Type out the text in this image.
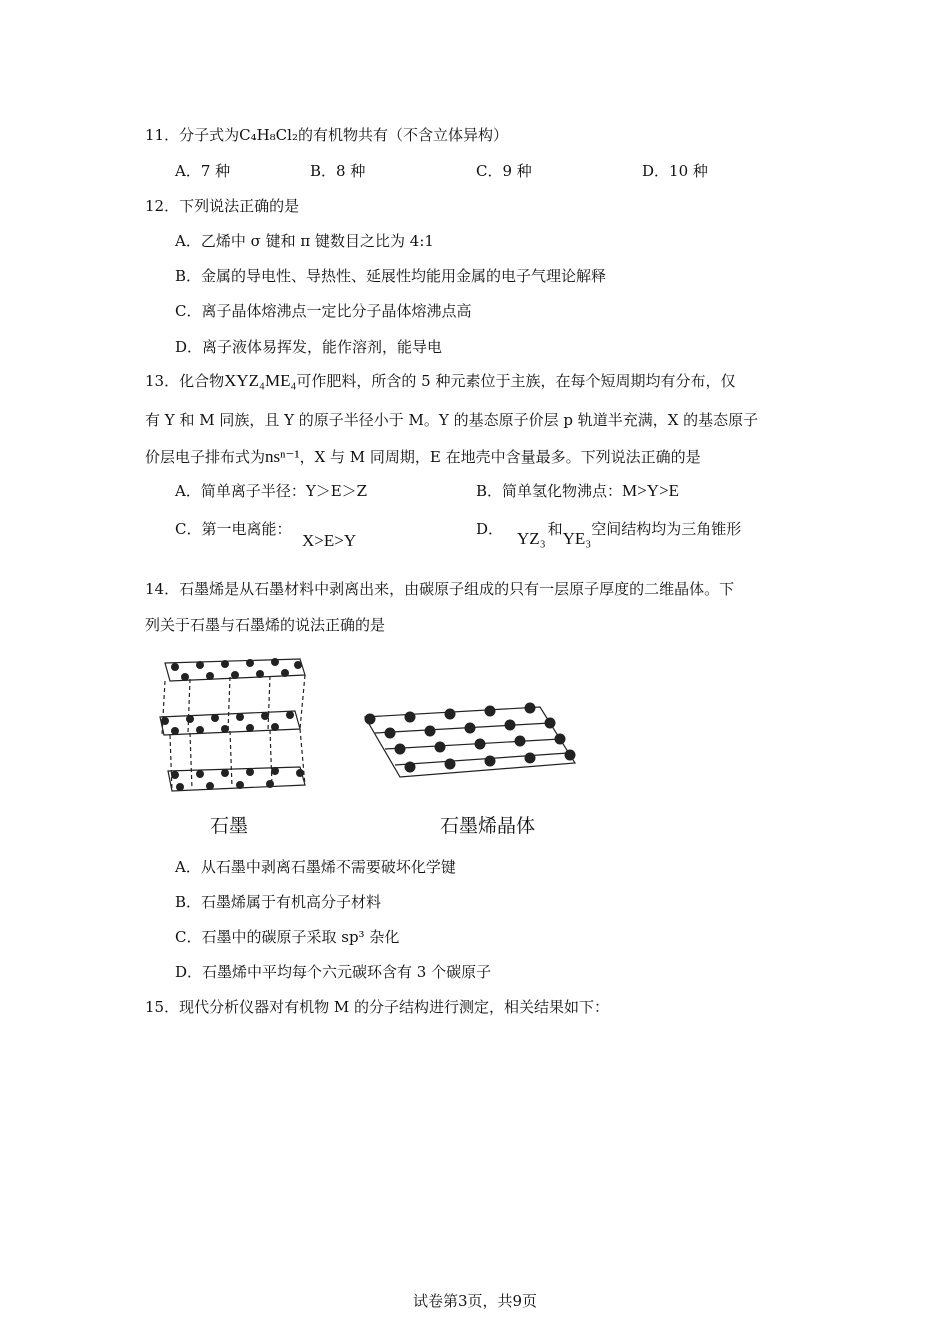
11．分子式为C₄H₈Cl₂的有机物共有（不含立体异构）
A．7 种	B．8 种	C．9 种	D．10 种
12．下列说法正确的是
A．乙烯中 σ 键和 π 键数目之比为 4:1
B．金属的导电性、导热性、延展性均能用金属的电子气理论解释
C．离子晶体熔沸点一定比分子晶体熔沸点高
D．离子液体易挥发，能作溶剂，能导电
13．化合物XYZ₄ME₄可作肥料，所含的 5 种元素位于主族，在每个短周期均有分布，仅
有 Y 和 M 同族，且 Y 的原子半径小于 M。Y 的基态原子价层 p 轨道半充满，X 的基态原子
价层电子排布式为nsⁿ⁻¹，X 与 M 同周期，E 在地壳中含量最多。下列说法正确的是
A．简单离子半径：Y＞E＞Z	B．简单氢化物沸点：M>Y>E
C．第一电离能：
X>E>Y
D． YZ₃ 和YE₃空间结构均为三角锥形
14．石墨烯是从石墨材料中剥离出来，由碳原子组成的只有一层原子厚度的二维晶体。下
列关于石墨与石墨烯的说法正确的是
石墨	石墨烯晶体
A．从石墨中剥离石墨烯不需要破坏化学键
B．石墨烯属于有机高分子材料
C．石墨中的碳原子采取 sp³ 杂化
D．石墨烯中平均每个六元碳环含有 3 个碳原子
15．现代分析仪器对有机物 M 的分子结构进行测定，相关结果如下：
试卷第3页，共9页
